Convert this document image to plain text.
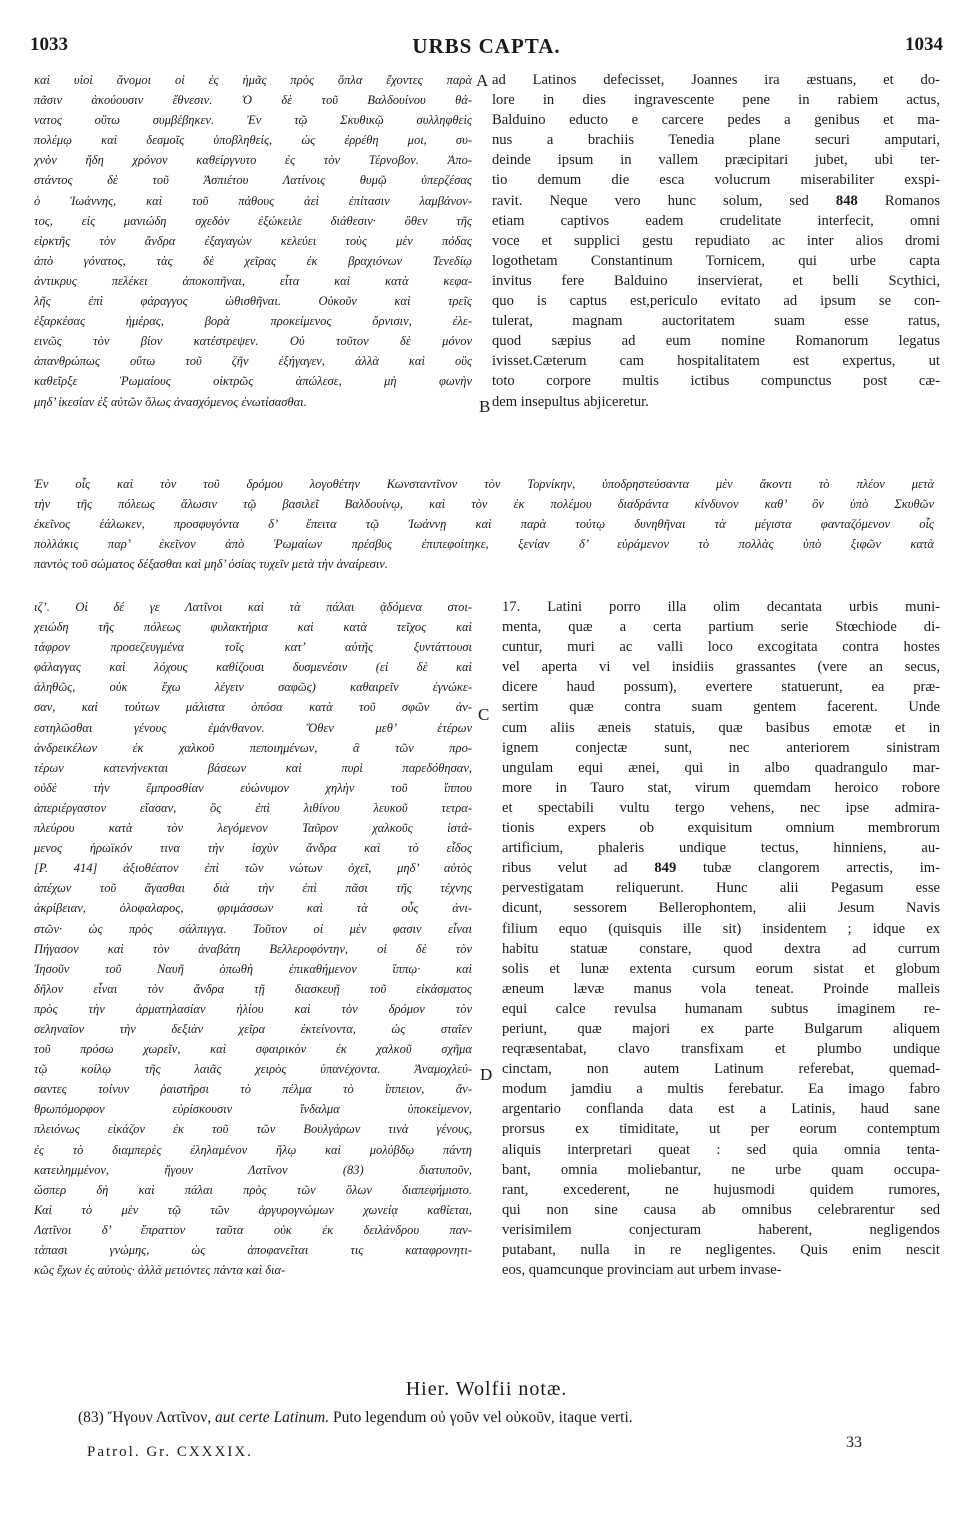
1033	URBS CAPTA.	1034
καὶ υἱοὶ ἄνομοι οἱ ἐς ἡμᾶς πρὸς ὅπλα ἔχοντες παρὰ
πᾶσιν ἀκούουσιν ἔθνεσιν. Ὁ δὲ τοῦ Βαλδουίνου θά-
νατος οὕτω συμβέβηκεν. Ἐν τῷ Σκυθικῷ συλληφθεὶς
πολέμῳ καὶ δεσμοῖς ὑποβληθείς, ὡς ἐρρέθη μοι, συ-
χνὸν ἤδη χρόνον καθείργνυτο ἐς τὸν Τέρνοβον. Ἀπο-
στάντος δὲ τοῦ Ἀσπιέτου Λατίνοις θυμῷ ὑπερζέσας
ὁ Ἰωάννης, καὶ τοῦ πάθους ἀεὶ ἐπίτασιν λαμβάνον-
τος, εἰς μανιώδη σχεδὸν ἐξώκειλε διάθεσιν· ὅθεν τῆς
εἱρκτῆς τὸν ἄνδρα ἐξαγαγὼν κελεύει τοὺς μὲν πόδας
ἀπὸ γόνατος, τὰς δὲ χεῖρας ἐκ βραχιόνων Τενεδίῳ
ἀντικρυς πελέκει ἀποκοπῆναι, εἶτα καὶ κατὰ κεφα-
λῆς ἐπὶ φάραγγος ὠθισθῆναι. Οὐκοῦν καὶ τρεῖς
ἐξαρκέσας ἡμέρας, βορὰ προκείμενος ὄρνισιν, ἐλε-
εινῶς τὸν βίον κατέστρεψεν. Οὐ τοῦτον δὲ μόνον
ἀπανθρώπως οὕτω τοῦ ζῆν ἐξήγαγεν, ἀλλὰ καὶ οὓς
καθεῖρξε Ῥωμαίους οἰκτρῶς ἀπώλεσε, μὴ φωνὴν
μηδ’ ἱκεσίαν ἐξ αὐτῶν ὅλως ἀνασχόμενος ἐνωτίσασθαι.
ad Latinos defecisset, Joannes ira æstuans, et do-
lore in dies ingravescente pene in rabiem actus,
Balduino educto e carcere pedes a genibus et ma-
nus a brachiis Tenedia plane securi amputari,
deinde ipsum in vallem præcipitari jubet, ubi ter-
tio demum die esca volucrum miserabiliter exspi-
ravit. Neque vero hunc solum, sed 848 Romanos
etiam captivos eadem crudelitate interfecit, omni
voce et supplici gestu repudiato ac inter alios dromi
logothetam Constantinum Tornicem, qui urbe capta
invitus fere Balduino inservierat, et belli Scythici,
quo is captus est,periculo evitato ad ipsum se con-
tulerat, magnam auctoritatem suam esse ratus,
quod sæpius ad eum nomine Romanorum legatus
ivisset.Cæterum cam hospitalitatem est expertus, ut
toto corpore multis ictibus compunctus post cæ-
dem insepultus abjiceretur.
Ἐν οἷς καὶ τὸν τοῦ δρόμου λογοθέτην Κωνσταντῖνον τὸν Τορνίκην, ὑποδρηστεύσαντα μὲν ἄκοντι τὸ πλέον μετὰ
τὴν τῆς πόλεως ἅλωσιν τῷ βασιλεῖ Βαλδουίνῳ, καὶ τὸν ἐκ πολέμου διαδράντα κίνδυνον καθ’ ὃν ὑπὸ Σκυθῶν
ἐκεῖνος ἑάλωκεν, προσφυγόντα δ’ ἔπειτα τῷ Ἰωάννῃ καὶ παρὰ τούτῳ δυνηθῆναι τὰ μέγιστα φανταζόμενον οἷς
πολλάκις παρ’ ἐκεῖνον ἀπὸ Ῥωμαίων πρέσβυς ἐπιπεφοίτηκε, ξενίαν δ’ εὑράμενον τὸ πολλὰς ὑπὸ ξιφῶν κατὰ
παντὸς τοῦ σώματος δέξασθαι καὶ μηδ’ ὁσίας τυχεῖν μετὰ τὴν ἀναίρεσιν.
ιζ’. Οἱ δέ γε Λατῖνοι καὶ τὰ πάλαι ᾀδόμενα στοι-
χειώδη τῆς πόλεως φυλακτήρια καὶ κατὰ τεῖχος καὶ
τάφρον προσεζευγμένα τοῖς κατ’ αὐτῆς ξυντάττουσι
φάλαγγας καὶ λόχους καθίζουσι δυσμενέσιν (εἰ δὲ καὶ
ἀληθῶς, οὐκ ἔχω λέγειν σαφῶς) καθαιρεῖν ἐγνώκε-
σαν, καὶ τούτων μάλιστα ὁπόσα κατὰ τοῦ σφῶν ἀν-
εστηλῶσθαι γένους ἐμάνθανον. Ὅθεν μεθ’ ἑτέρων
ἀνδρεικέλων ἐκ χαλκοῦ πεποιημένων, ἃ τῶν προ-
τέρων κατενήνεκται βάσεων καὶ πυρὶ παρεδόθησαν,
οὐδὲ τὴν ἔμπροσθίαν εὐώνυμον χηλὴν τοῦ ἵππου
ἀπεριέργαστον εἴασαν, ὃς ἐπὶ λιθίνου λευκοῦ τετρα-
πλεύρου κατὰ τὸν λεγόμενον Ταῦρον χαλκοῦς ἱστά-
μενος ἡρωϊκόν τινα τὴν ἰσχὺν ἄνδρα καὶ τὸ εἶδος
[P. 414] ἀξιοθέατον ἐπὶ τῶν νώτων ὀχεῖ, μηδ’ αὐτὸς
ἀπέχων τοῦ ἄγασθαι διὰ τὴν ἐπὶ πᾶσι τῆς τέχνης
ἀκρίβειαν, ὀλοφαλαρος, φριμάσσων καὶ τὰ οὖς ἀνι-
στῶν· ὡς πρὸς σάλπιγγα. Τοῦτον οἱ μὲν φασιν εἶναι
Πήγασον καὶ τὸν ἀναβάτη Βελλεροφόντην, οἱ δὲ τὸν
Ἰησοῦν τοῦ Ναυῆ ὀπωθὴ ἐπικαθήμενον ἵππῳ· καὶ
δῆλον εἶναι τὸν ἄνδρα τῇ διασκευῇ τοῦ εἰκάσματος
πρὸς τὴν ἁρματηλασίαν ἡλίου καὶ τὸν δρόμον τὸν
σεληναῖον τὴν δεξιὰν χεῖρα ἐκτείνοντα, ὡς σταῖεν
τοῦ πρόσω χωρεῖν, καὶ σφαιρικὸν ἐκ χαλκοῦ σχῆμα
τῷ κοίλῳ τῆς λαιᾶς χειρὸς ὑπανέχοντα. Ἀναμοχλεύ-
σαντες τοίνυν ῥαιστῆρσι τὸ πέλμα τὸ ἵππειον, ἄν-
θρωπόμορφον εὑρίσκουσιν ἴνδαλμα ὑποκείμενον,
πλειόνως εἰκάζον ἐκ τοῦ τῶν Βουλγάρων τινὰ γένους,
ἐς τὸ διαμπερὲς ἐληλαμένον ἥλῳ καὶ μολύβδῳ πάντη
κατειλημμένον, ἤγουν Λατῖνον (83) διατυποῦν,
ὥσπερ δὴ καὶ πάλαι πρὸς τῶν ὅλων διαπεφήμιστο.
Καὶ τὸ μὲν τῷ τῶν ἀργυρογνώμων χωνείᾳ καθίεται,
Λατῖνοι δ’ ἔπραττον ταῦτα οὐκ ἐκ δειλάνδρου παν-
τάπασι γνώμης, ὡς ἀποφανεῖται τις καταφρονητι-
κῶς ἔχων ἐς αὐτοὺς· ἀλλὰ μετιόντες πάντα καὶ δια-
17. Latini porro illa olim decantata urbis muni-
menta, quæ a certa partium serie Stœchiode di-
cuntur, muri ac valli loco excogitata contra hostes
vel aperta vi vel insidiis grassantes (vere an secus,
dicere haud possum), evertere statuerunt, ea præ-
sertim quæ contra suam gentem facerent. Unde
cum aliis æneis statuis, quæ basibus emotæ et in
ignem conjectæ sunt, nec anteriorem sinistram
ungulam equi ænei, qui in albo quadrangulo mar-
more in Tauro stat, virum quemdam heroico robore
et spectabili vultu tergo vehens, nec ipse admira-
tionis expers ob exquisitum omnium membrorum
artificium, phaleris undique tectus, hinniens, au-
ribus velut ad 849 tubæ clangorem arrectis, im-
pervestigatam reliquerunt. Hunc alii Pegasum esse
dicunt, sessorem Bellerophontem, alii Jesum Navis
filium equo (quisquis ille sit) insidentem ; idque ex
habitu statuæ constare, quod dextra ad currum
solis et lunæ extenta cursum eorum sistat et globum
æneum lævæ manus vola teneat. Proinde malleis
equi calce revulsa humanam subtus imaginem re-
periunt, quæ majori ex parte Bulgarum aliquem
reqræsentabat, clavo transfixam et plumbo undique
cinctam, non autem Latinum referebat, quemad-
modum jamdiu a multis ferebatur. Ea imago fabro
argentario conflanda data est a Latinis, haud sane
prorsus ex timiditate, ut per eorum contemptum
aliquis interpretari queat : sed quia omnia tenta-
bant, omnia moliebantur, ne urbe quam occupa-
rant, excederent, ne hujusmodi quidem rumores,
qui non sine causa ab omnibus celebrarentur sed
verisimilem conjecturam haberent, negligendos
putabant, nulla in re negligentes. Quis enim nescit
eos, quamcunque provinciam aut urbem invase-
A
B
C
D
Hier. Wolfii notæ.
(83) Ἤγουν Λατῖνον, aut certe Latinum. Puto legendum οὐ γοῦν vel οὐκοῦν, itaque verti.
Patrol. Gr. CXXXIX.
33
